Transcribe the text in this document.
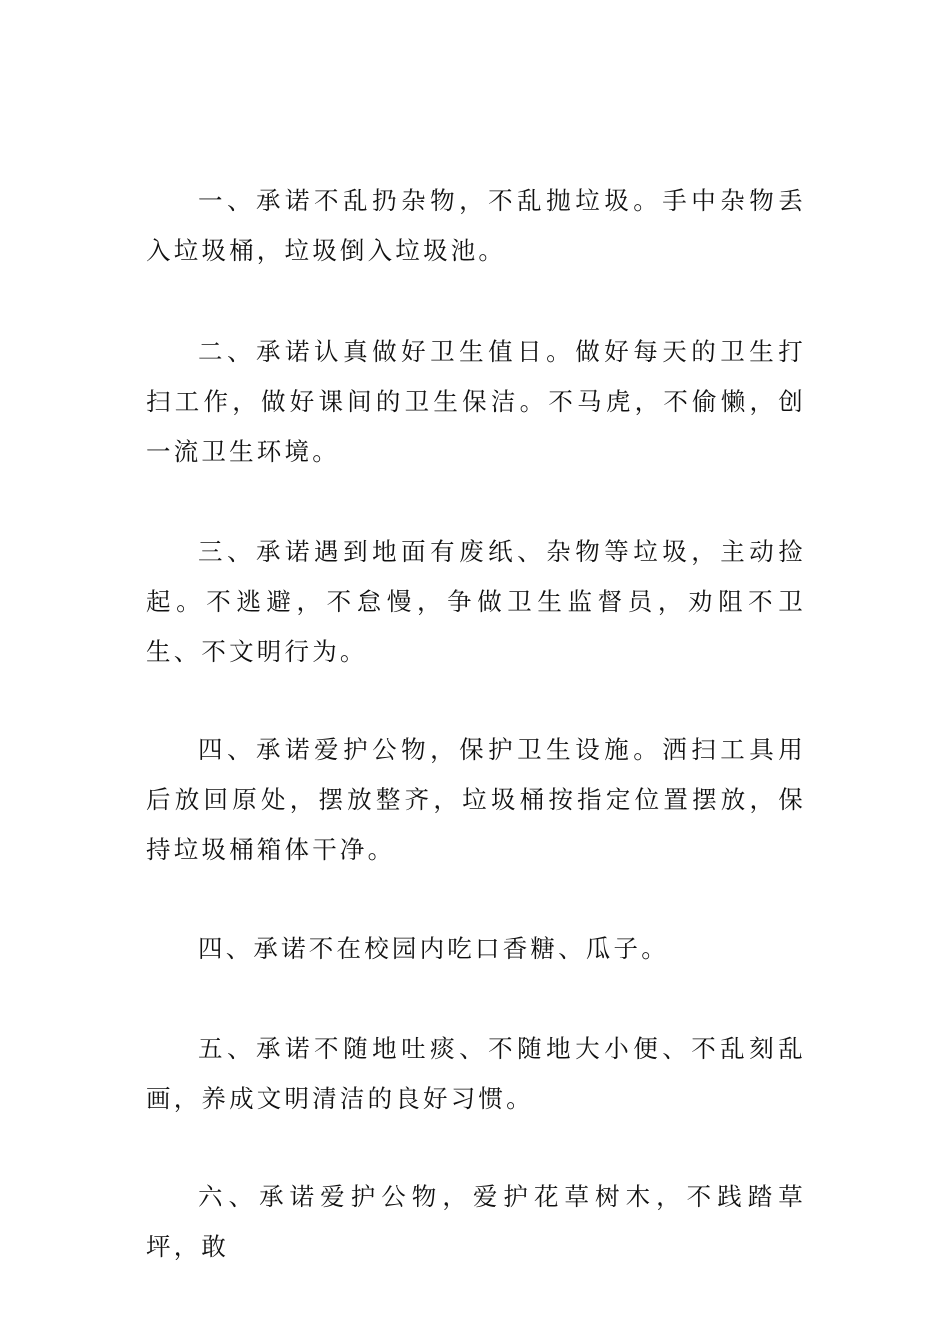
一、承诺不乱扔杂物，不乱抛垃圾。手中杂物丢入垃圾桶，垃圾倒入垃圾池。

二、承诺认真做好卫生值日。做好每天的卫生打扫工作，做好课间的卫生保洁。不马虎，不偷懒，创一流卫生环境。

三、承诺遇到地面有废纸、杂物等垃圾，主动捡起。不逃避，不怠慢，争做卫生监督员，劝阻不卫生、不文明行为。

四、承诺爱护公物，保护卫生设施。洒扫工具用后放回原处，摆放整齐，垃圾桶按指定位置摆放，保持垃圾桶箱体干净。

四、承诺不在校园内吃口香糖、瓜子。

五、承诺不随地吐痰、不随地大小便、不乱刻乱画，养成文明清洁的良好习惯。

六、承诺爱护公物，爱护花草树木，不践踏草坪，敢
